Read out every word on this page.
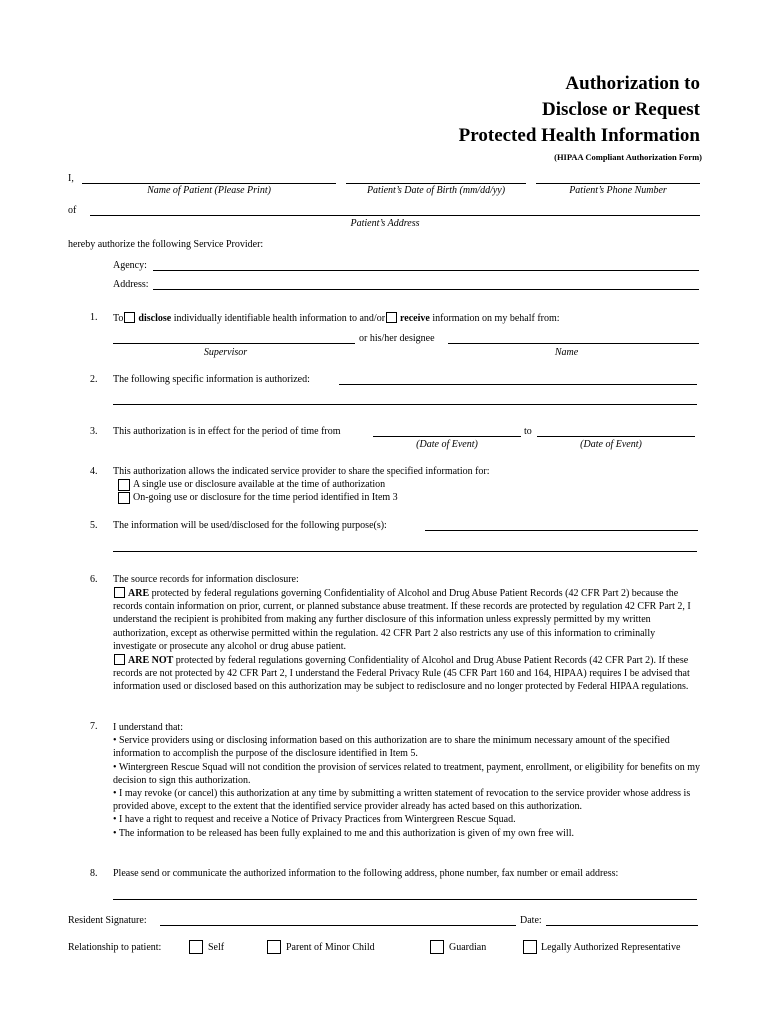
Authorization to
Disclose or Request
Protected Health Information
(HIPAA Compliant Authorization Form)
I,
Name of Patient (Please Print)	Patient’s Date of Birth (mm/dd/yy)	Patient’s Phone Number
of
Patient’s Address
hereby authorize the following Service Provider:
Agency:
Address:
1. To disclose individually identifiable health information to and/or receive information on my behalf from:
or his/her designee
Supervisor	Name
2. The following specific information is authorized:
3. This authorization is in effect for the period of time from	to
(Date of Event)	(Date of Event)
4. This authorization allows the indicated service provider to share the specified information for:
A single use or disclosure available at the time of authorization
On-going use or disclosure for the time period identified in Item 3
5. The information will be used/disclosed for the following purpose(s):
6. The source records for information disclosure:
ARE protected by federal regulations governing Confidentiality of Alcohol and Drug Abuse Patient Records (42 CFR Part 2) because the records contain information on prior, current, or planned substance abuse treatment. If these records are protected by regulation 42 CFR Part 2, I understand the recipient is prohibited from making any further disclosure of this information unless expressly permitted by my written authorization, except as otherwise permitted within the regulation. 42 CFR Part 2 also restricts any use of this information to criminally investigate or prosecute any alcohol or drug abuse patient.
ARE NOT protected by federal regulations governing Confidentiality of Alcohol and Drug Abuse Patient Records (42 CFR Part 2). If these records are not protected by 42 CFR Part 2, I understand the Federal Privacy Rule (45 CFR Part 160 and 164, HIPAA) requires I be advised that information used or disclosed based on this authorization may be subject to redisclosure and no longer protected by Federal HIPAA regulations.
7. I understand that:
• Service providers using or disclosing information based on this authorization are to share the minimum necessary amount of the specified information to accomplish the purpose of the disclosure identified in Item 5.
• Wintergreen Rescue Squad will not condition the provision of services related to treatment, payment, enrollment, or eligibility for benefits on my decision to sign this authorization.
• I may revoke (or cancel) this authorization at any time by submitting a written statement of revocation to the service provider whose address is provided above, except to the extent that the identified service provider already has acted based on this authorization.
• I have a right to request and receive a Notice of Privacy Practices from Wintergreen Rescue Squad.
• The information to be released has been fully explained to me and this authorization is given of my own free will.
8. Please send or communicate the authorized information to the following address, phone number, fax number or email address:
Resident Signature:	Date:
Relationship to patient:	Self	Parent of Minor Child	Guardian	Legally Authorized Representative
